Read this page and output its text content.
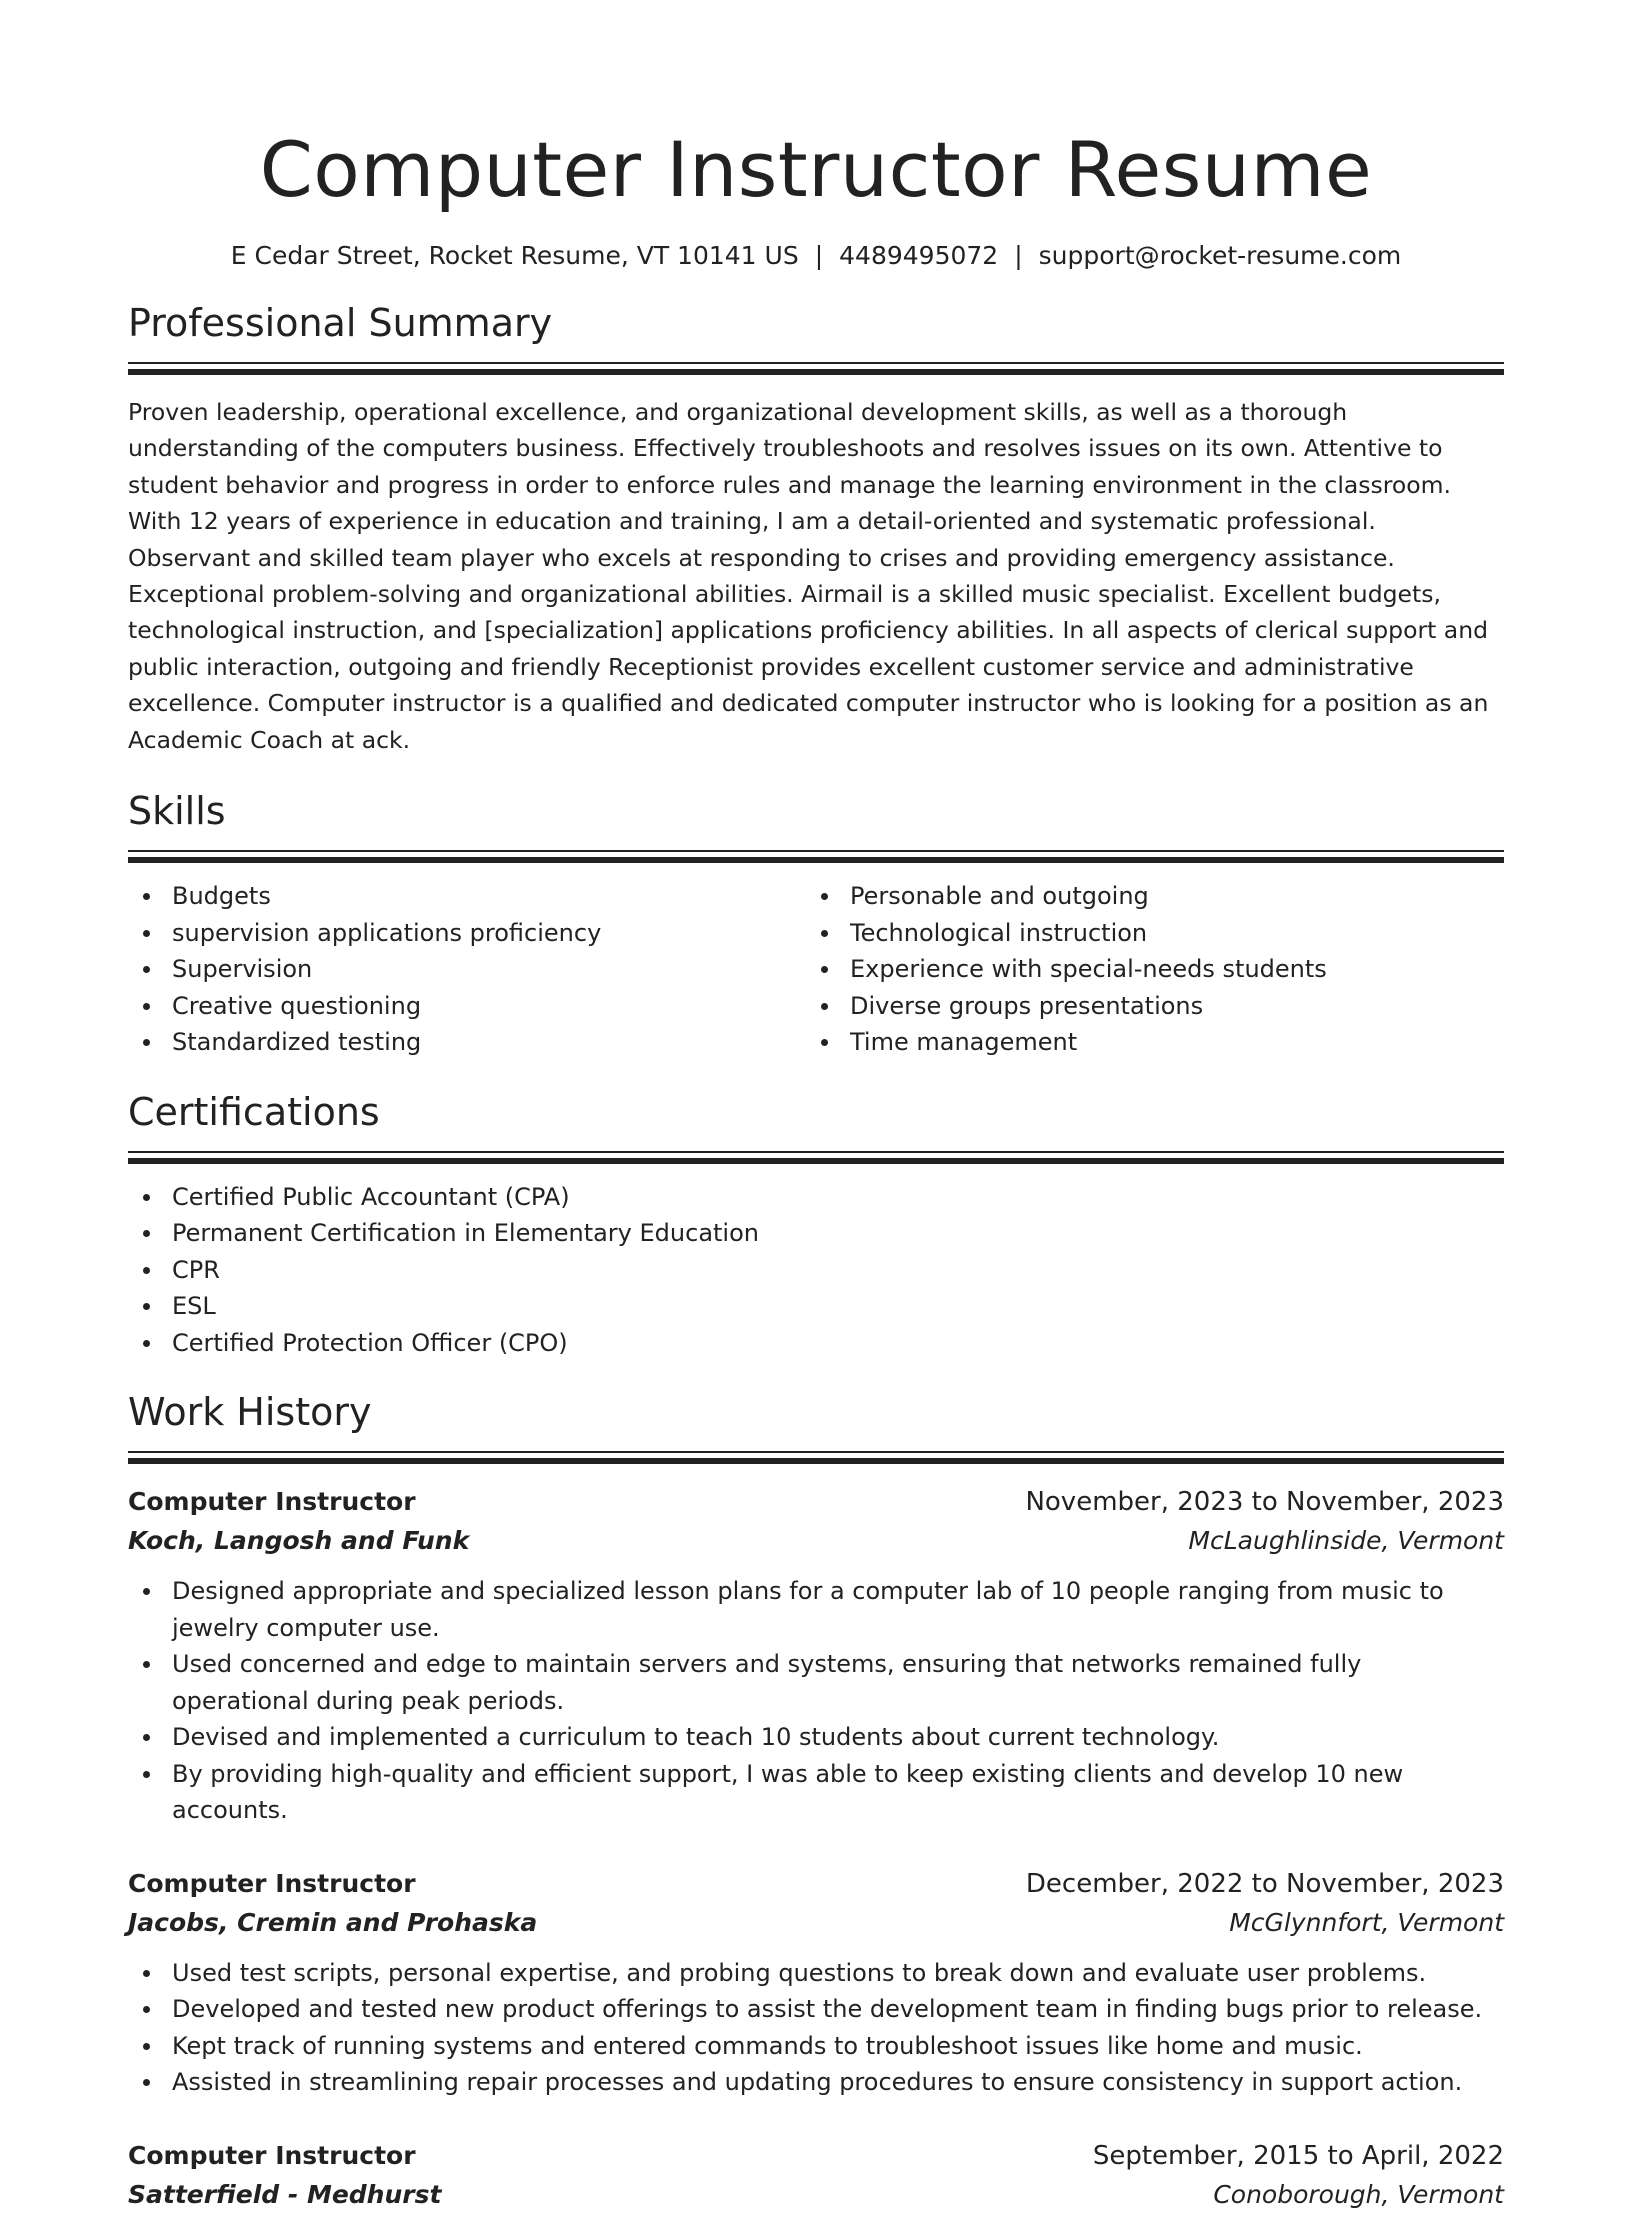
Computer Instructor Resume
E Cedar Street, Rocket Resume, VT 10141 US | 4489495072 | support@rocket-resume.com
Professional Summary

Proven leadership, operational excellence, and organizational development skills, as well as a thorough understanding of the computers business. Effectively troubleshoots and resolves issues on its own. Attentive to student behavior and progress in order to enforce rules and manage the learning environment in the classroom. With 12 years of experience in education and training, I am a detail-oriented and systematic professional. Observant and skilled team player who excels at responding to crises and providing emergency assistance. Exceptional problem-solving and organizational abilities. Airmail is a skilled music specialist. Excellent budgets, technological instruction, and [specialization] applications proficiency abilities. In all aspects of clerical support and public interaction, outgoing and friendly Receptionist provides excellent customer service and administrative excellence. Computer instructor is a qualified and dedicated computer instructor who is looking for a position as an Academic Coach at ack.

Skills
Budgets
supervision applications proficiency
Supervision
Creative questioning
Standardized testing
Personable and outgoing
Technological instruction
Experience with special-needs students
Diverse groups presentations
Time management
Certifications
Certified Public Accountant (CPA)
Permanent Certification in Elementary Education
CPR
ESL
Certified Protection Officer (CPO)
Work History
Computer Instructor	November, 2023 to November, 2023
Koch, Langosh and Funk	McLaughlinside, Vermont
Designed appropriate and specialized lesson plans for a computer lab of 10 people ranging from music to jewelry computer use.
Used concerned and edge to maintain servers and systems, ensuring that networks remained fully operational during peak periods.
Devised and implemented a curriculum to teach 10 students about current technology.
By providing high-quality and efficient support, I was able to keep existing clients and develop 10 new accounts.
Computer Instructor	December, 2022 to November, 2023
Jacobs, Cremin and Prohaska	McGlynnfort, Vermont
Used test scripts, personal expertise, and probing questions to break down and evaluate user problems.
Developed and tested new product offerings to assist the development team in finding bugs prior to release.
Kept track of running systems and entered commands to troubleshoot issues like home and music.
Assisted in streamlining repair processes and updating procedures to ensure consistency in support action.
Computer Instructor	September, 2015 to April, 2022
Satterfield - Medhurst	Conoborough, Vermont
